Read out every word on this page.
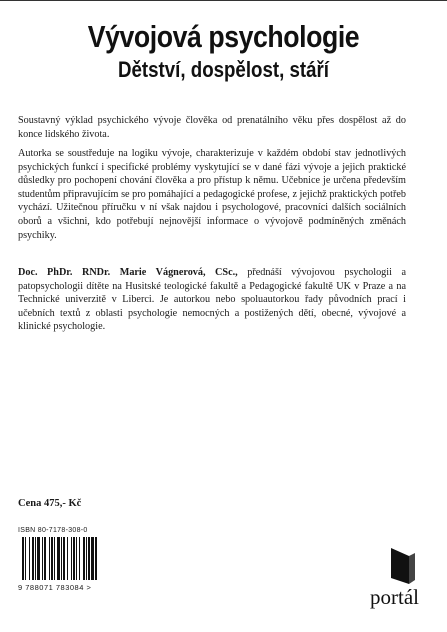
Vývojová psychologie
Dětství, dospělost, stáří
Soustavný výklad psychického vývoje člověka od prenatálního věku přes dospělost až do konce lidského života.
Autorka se soustředuje na logiku vývoje, charakterizuje v každém období stav jednotlivých psychických funkcí i specifické problémy vyskytující se v dané fázi vývoje a jejich praktické důsledky pro pochopení chování člověka a pro přístup k němu. Učebnice je určena především studentům připravujícím se pro pomáhající a pedagogické profese, z jejichž praktických potřeb vychází. Užitečnou příručku v ní však najdou i psychologové, pracovníci dalších sociálních oborů a všichni, kdo potřebují nejnovější informace o vývojově podmíněných změnách psychiky.
Doc. PhDr. RNDr. Marie Vágnerová, CSc., přednáší vývojovou psychologii a patopsychologii dítěte na Husitské teologické fakultě a Pedagogické fakultě UK v Praze a na Technické univerzitě v Liberci. Je autorkou nebo spoluautorkou řady původních prací i učebních textů z oblasti psychologie nemocných a postižených dětí, obecné, vývojové a klinické psychologie.
Cena 475,- Kč
ISBN 80-7178-308-0
9 788071 783084 >	portál
